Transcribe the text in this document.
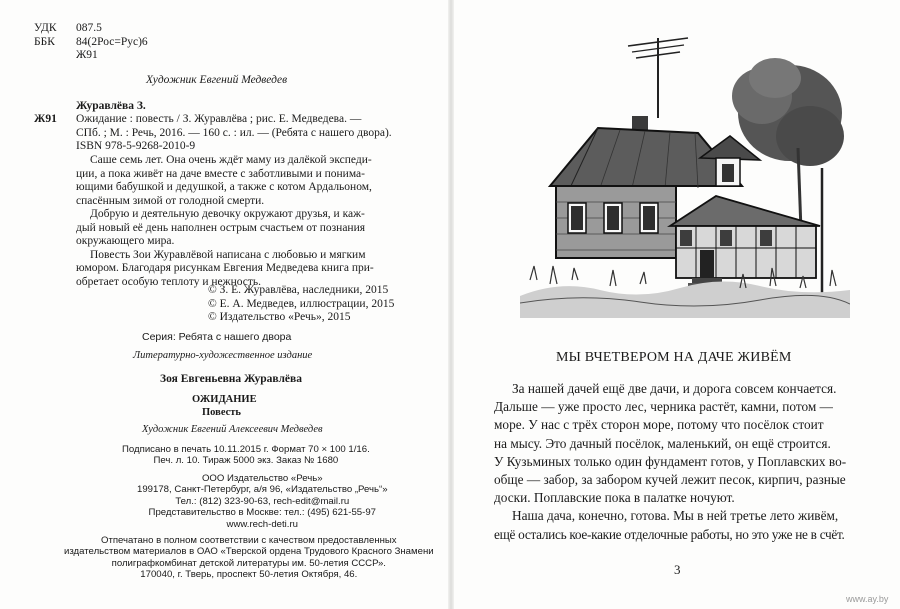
УДК	087.5
ББК	84(2Рос=Рус)6
Ж91
Художник Евгений Медведев
Журавлёва З.
Ж91 Ожидание : повесть / З. Журавлёва ; рис. Е. Медведева. —

СПб. ; М. : Речь, 2016. — 160 с. : ил. — (Ребята с нашего двора).

ISBN 978-5-9268-2010-9

Саше семь лет. Она очень ждёт маму из далёкой экспеди-

ции, а пока живёт на даче вместе с заботливыми и понима-

ющими бабушкой и дедушкой, а также с котом Ардальоном,

спасённым зимой от голодной смерти.

Добрую и деятельную девочку окружают друзья, и каж-

дый новый её день наполнен острым счастьем от познания

окружающего мира.

Повесть Зои Журавлёвой написана с любовью и мягким

юмором. Благодаря рисункам Евгения Медведева книга при-

обретает особую теплоту и нежность.

© З. Е. Журавлёва, наследники, 2015

© Е. А. Медведев, иллюстрации, 2015

© Издательство «Речь», 2015

Серия: Ребята с нашего двора
Литературно-художественное издание
Зоя Евгеньевна Журавлёва
ОЖИДАНИЕ
Повесть
Художник Евгений Алексеевич Медведев

Подписано в печать 10.11.2015 г. Формат 70 × 100 1/16.

Печ. л. 10. Тираж 5000 экз. Заказ № 1680

ООО Издательство «Речь»

199178, Санкт-Петербург, а/я 96, «Издательство „Речь“»

Тел.: (812) 323-90-63, rech-edit@mail.ru

Представительство в Москве: тел.: (495) 621-55-97

www.rech-deti.ru

Отпечатано в полном соответствии с качеством предоставленных

издательством материалов в ОАО «Тверской ордена Трудового Красного Знамени

полиграфкомбинат детской литературы им. 50-летия СССР».

170040, г. Тверь, проспект 50-летия Октября, 46.

МЫ ВЧЕТВЕРОМ НА ДАЧЕ ЖИВЁМ

За нашей дачей ещё две дачи, и дорога совсем кончается.

Дальше — уже просто лес, черника растёт, камни, потом —

море. У нас с трёх сторон море, потому что посёлок стоит

на мысу. Это дачный посёлок, маленький, он ещё строится.

У Кузьминых только один фундамент готов, у Поплавских во-

обще — забор, за забором кучей лежит песок, кирпич, разные

доски. Поплавские пока в палатке ночуют.

Наша дача, конечно, готова. Мы в ней третье лето живём,

ещё остались кое-какие отделочные работы, но это уже не в счёт.

3
www.ay.by
